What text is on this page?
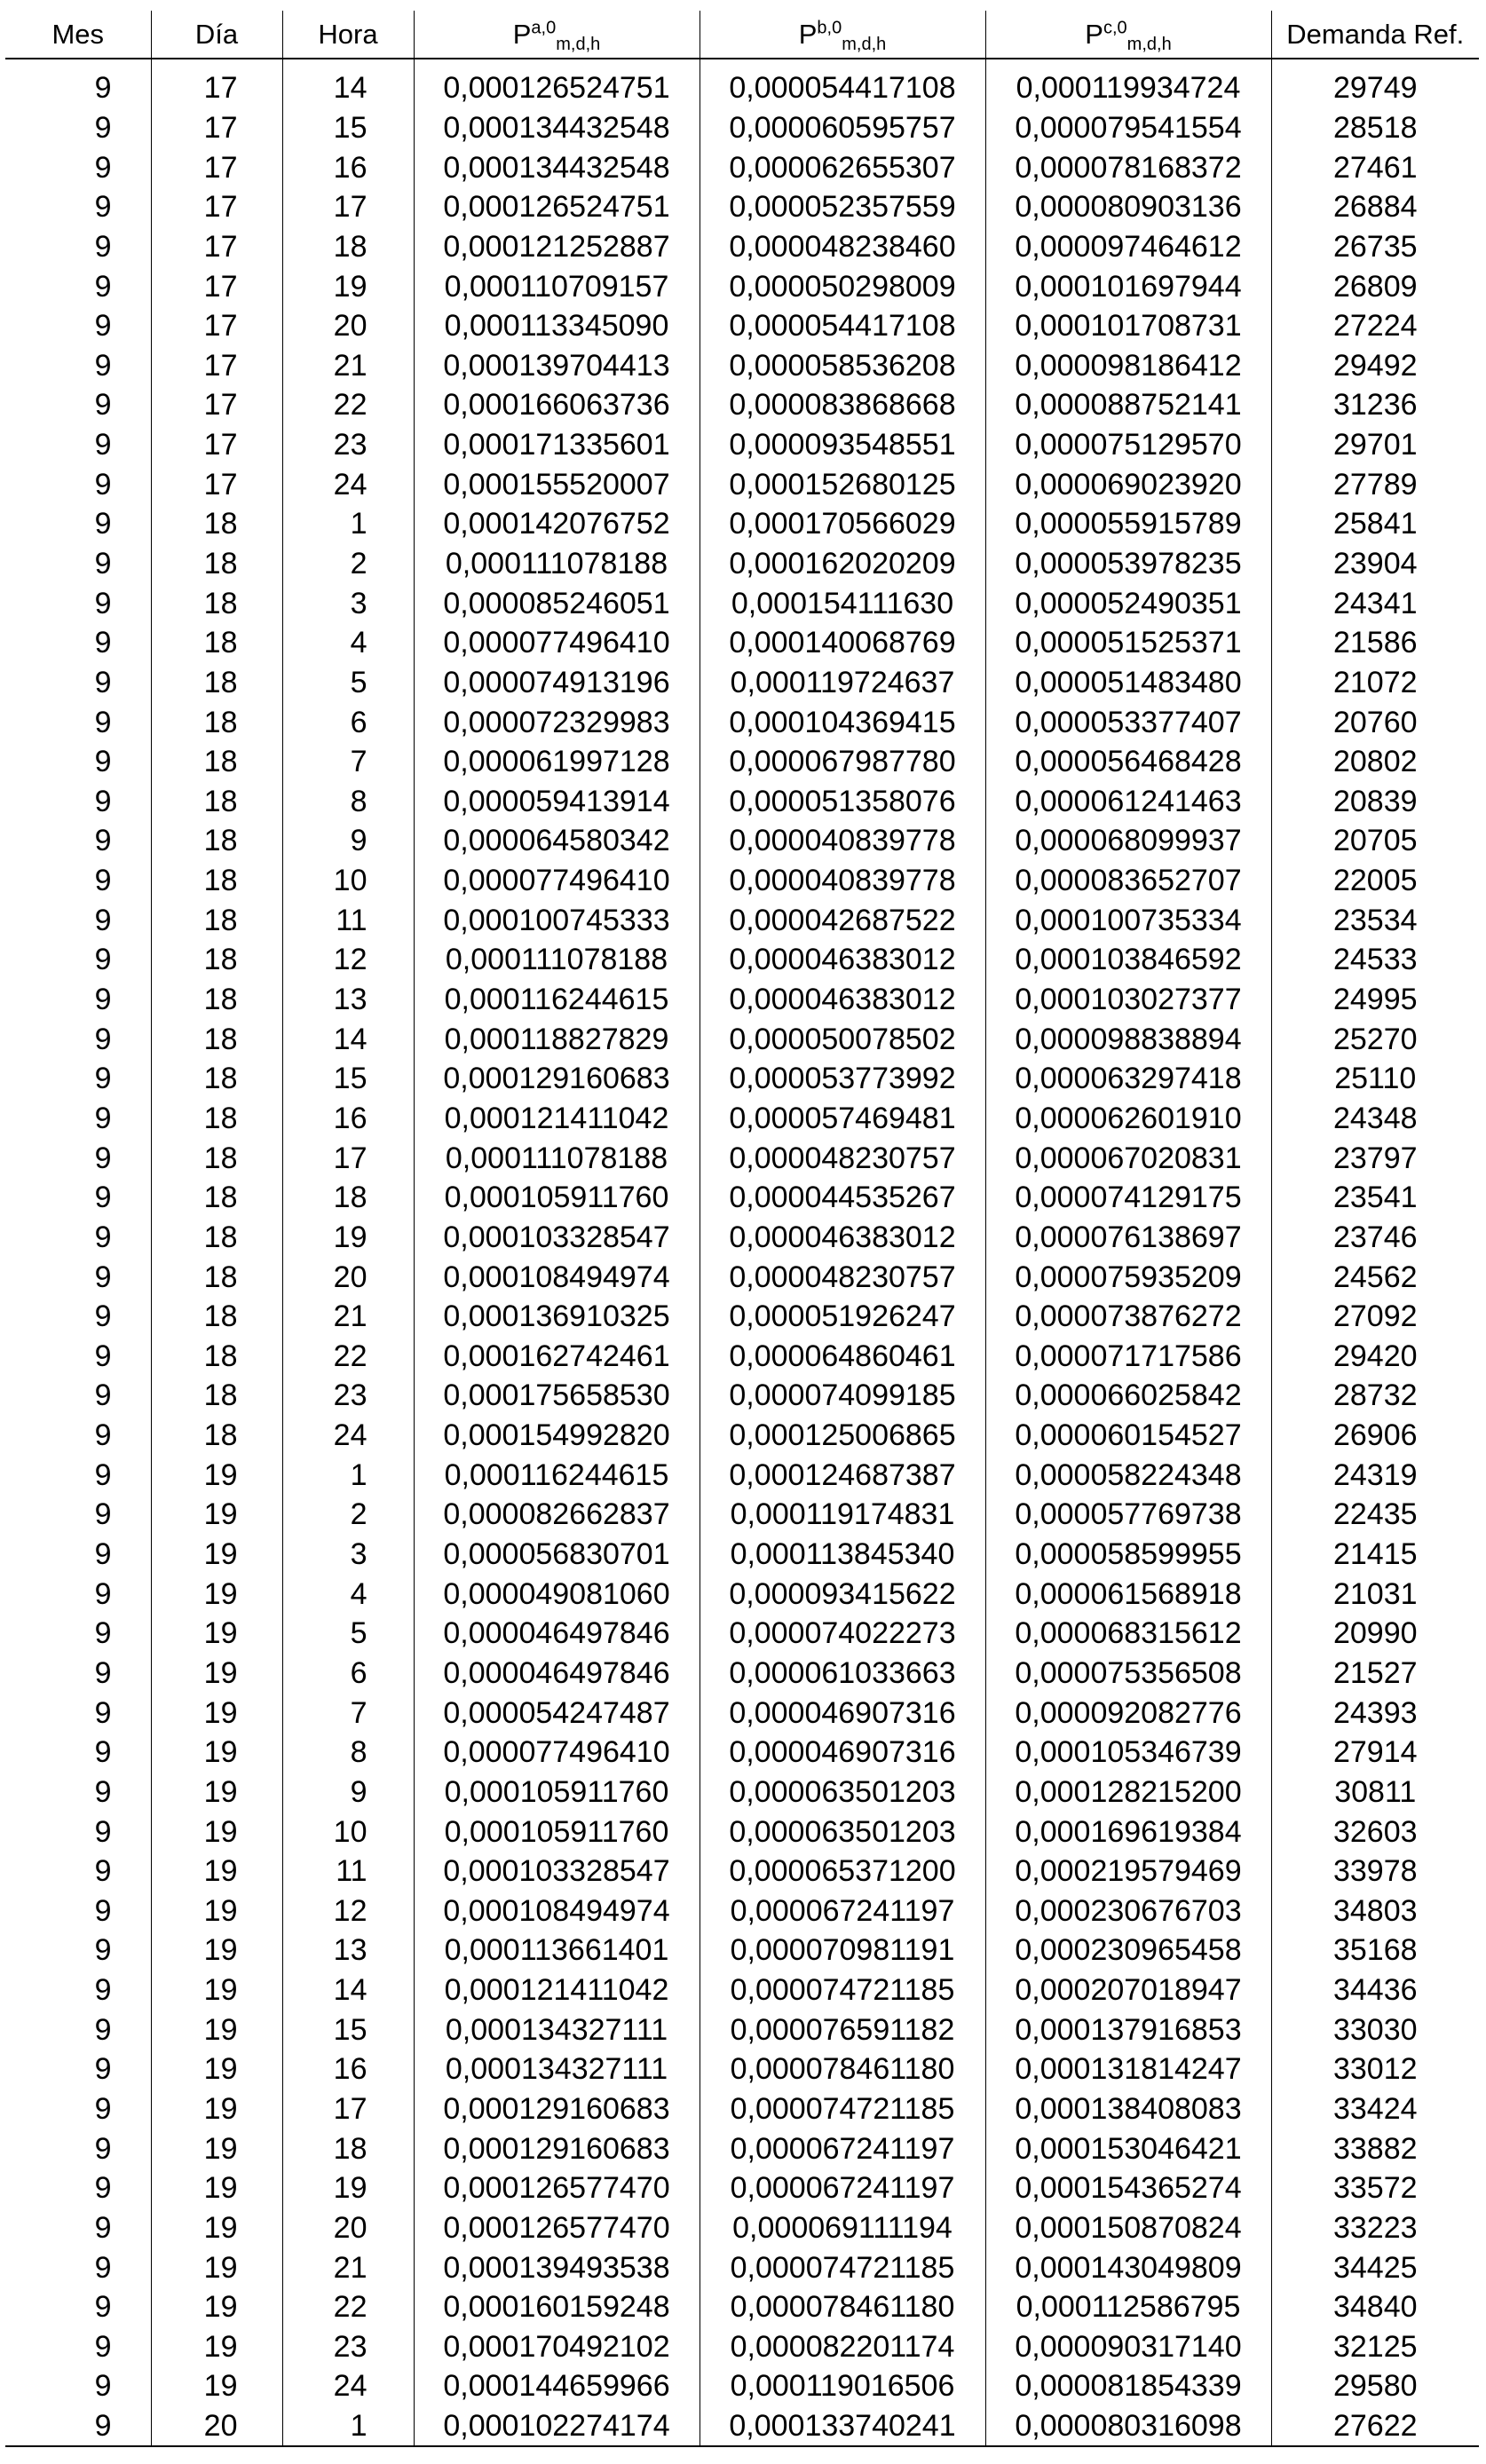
Mes	Día	Hora	P$^{a,0}_{m,d,h}$	P$^{b,0}_{m,d,h}$	P$^{c,0}_{m,d,h}$	Demanda Ref.
9	17	14	0,000126524751	0,000054417108	0,000119934724	29749
9	17	15	0,000134432548	0,000060595757	0,000079541554	28518
9	17	16	0,000134432548	0,000062655307	0,000078168372	27461
9	17	17	0,000126524751	0,000052357559	0,000080903136	26884
9	17	18	0,000121252887	0,000048238460	0,000097464612	26735
9	17	19	0,000110709157	0,000050298009	0,000101697944	26809
9	17	20	0,000113345090	0,000054417108	0,000101708731	27224
9	17	21	0,000139704413	0,000058536208	0,000098186412	29492
9	17	22	0,000166063736	0,000083868668	0,000088752141	31236
9	17	23	0,000171335601	0,000093548551	0,000075129570	29701
9	17	24	0,000155520007	0,000152680125	0,000069023920	27789
9	18	1	0,000142076752	0,000170566029	0,000055915789	25841
9	18	2	0,000111078188	0,000162020209	0,000053978235	23904
9	18	3	0,000085246051	0,000154111630	0,000052490351	24341
9	18	4	0,000077496410	0,000140068769	0,000051525371	21586
9	18	5	0,000074913196	0,000119724637	0,000051483480	21072
9	18	6	0,000072329983	0,000104369415	0,000053377407	20760
9	18	7	0,000061997128	0,000067987780	0,000056468428	20802
9	18	8	0,000059413914	0,000051358076	0,000061241463	20839
9	18	9	0,000064580342	0,000040839778	0,000068099937	20705
9	18	10	0,000077496410	0,000040839778	0,000083652707	22005
9	18	11	0,000100745333	0,000042687522	0,000100735334	23534
9	18	12	0,000111078188	0,000046383012	0,000103846592	24533
9	18	13	0,000116244615	0,000046383012	0,000103027377	24995
9	18	14	0,000118827829	0,000050078502	0,000098838894	25270
9	18	15	0,000129160683	0,000053773992	0,000063297418	25110
9	18	16	0,000121411042	0,000057469481	0,000062601910	24348
9	18	17	0,000111078188	0,000048230757	0,000067020831	23797
9	18	18	0,000105911760	0,000044535267	0,000074129175	23541
9	18	19	0,000103328547	0,000046383012	0,000076138697	23746
9	18	20	0,000108494974	0,000048230757	0,000075935209	24562
9	18	21	0,000136910325	0,000051926247	0,000073876272	27092
9	18	22	0,000162742461	0,000064860461	0,000071717586	29420
9	18	23	0,000175658530	0,000074099185	0,000066025842	28732
9	18	24	0,000154992820	0,000125006865	0,000060154527	26906
9	19	1	0,000116244615	0,000124687387	0,000058224348	24319
9	19	2	0,000082662837	0,000119174831	0,000057769738	22435
9	19	3	0,000056830701	0,000113845340	0,000058599955	21415
9	19	4	0,000049081060	0,000093415622	0,000061568918	21031
9	19	5	0,000046497846	0,000074022273	0,000068315612	20990
9	19	6	0,000046497846	0,000061033663	0,000075356508	21527
9	19	7	0,000054247487	0,000046907316	0,000092082776	24393
9	19	8	0,000077496410	0,000046907316	0,000105346739	27914
9	19	9	0,000105911760	0,000063501203	0,000128215200	30811
9	19	10	0,000105911760	0,000063501203	0,000169619384	32603
9	19	11	0,000103328547	0,000065371200	0,000219579469	33978
9	19	12	0,000108494974	0,000067241197	0,000230676703	34803
9	19	13	0,000113661401	0,000070981191	0,000230965458	35168
9	19	14	0,000121411042	0,000074721185	0,000207018947	34436
9	19	15	0,000134327111	0,000076591182	0,000137916853	33030
9	19	16	0,000134327111	0,000078461180	0,000131814247	33012
9	19	17	0,000129160683	0,000074721185	0,000138408083	33424
9	19	18	0,000129160683	0,000067241197	0,000153046421	33882
9	19	19	0,000126577470	0,000067241197	0,000154365274	33572
9	19	20	0,000126577470	0,000069111194	0,000150870824	33223
9	19	21	0,000139493538	0,000074721185	0,000143049809	34425
9	19	22	0,000160159248	0,000078461180	0,000112586795	34840
9	19	23	0,000170492102	0,000082201174	0,000090317140	32125
9	19	24	0,000144659966	0,000119016506	0,000081854339	29580
9	20	1	0,000102274174	0,000133740241	0,000080316098	27622
